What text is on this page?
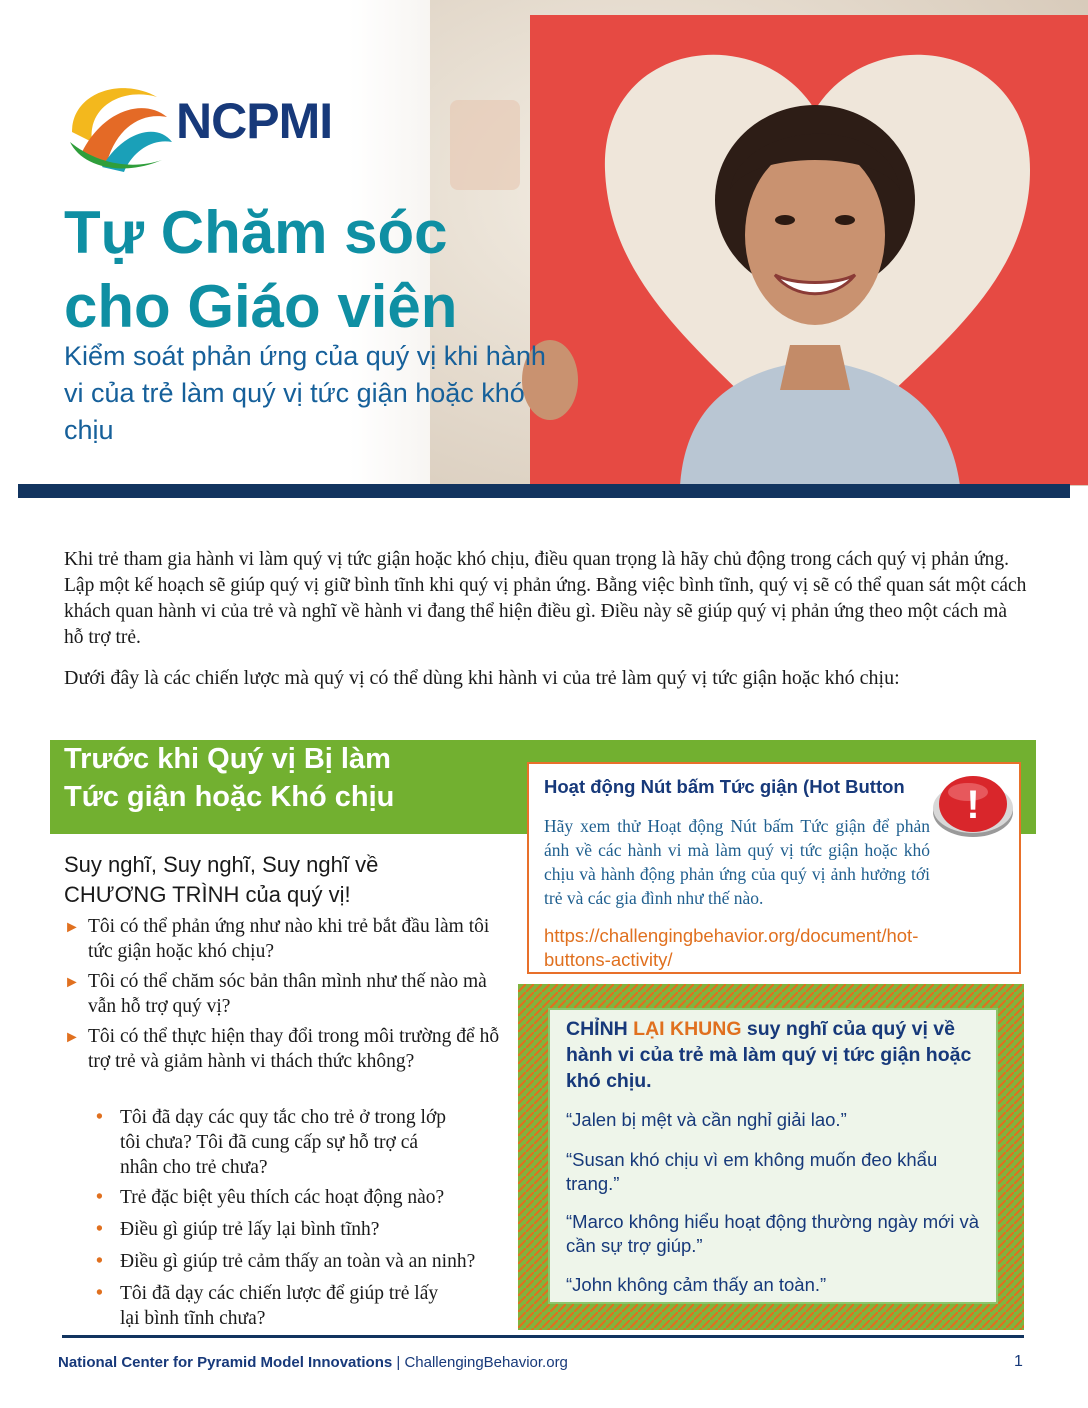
NCPMI
Tự Chăm sóc
cho Giáo viên

Kiểm soát phản ứng của quý vị khi hành vi của trẻ làm quý vị tức giận hoặc khó chịu

Khi trẻ tham gia hành vi làm quý vị tức giận hoặc khó chịu, điều quan trọng là hãy chủ động trong cách quý vị phản ứng. Lập một kế hoạch sẽ giúp quý vị giữ bình tĩnh khi quý vị phản ứng. Bằng việc bình tĩnh, quý vị sẽ có thể quan sát một cách khách quan hành vi của trẻ và nghĩ về hành vi đang thể hiện điều gì. Điều này sẽ giúp quý vị phản ứng theo một cách mà hỗ trợ trẻ.

Dưới đây là các chiến lược mà quý vị có thể dùng khi hành vi của trẻ làm quý vị tức giận hoặc khó chịu:

Trước khi Quý vị Bị làm
Tức giận hoặc Khó chịu

Suy nghĩ, Suy nghĩ, Suy nghĩ về CHƯƠNG TRÌNH của quý vị!

► Tôi có thể phản ứng như nào khi trẻ bắt đầu làm tôi tức giận hoặc khó chịu?
► Tôi có thể chăm sóc bản thân mình như thế nào mà vẫn hỗ trợ quý vị?
► Tôi có thể thực hiện thay đổi trong môi trường để hỗ trợ trẻ và giảm hành vi thách thức không?
• Tôi đã dạy các quy tắc cho trẻ ở trong lớp tôi chưa? Tôi đã cung cấp sự hỗ trợ cá nhân cho trẻ chưa?
• Trẻ đặc biệt yêu thích các hoạt động nào?
• Điều gì giúp trẻ lấy lại bình tĩnh?
• Điều gì giúp trẻ cảm thấy an toàn và an ninh?
• Tôi đã dạy các chiến lược để giúp trẻ lấy lại bình tĩnh chưa?

Hoạt động Nút bấm Tức giận (Hot Button

Hãy xem thử Hoạt động Nút bấm Tức giận để phản ánh về các hành vi mà làm quý vị tức giận hoặc khó chịu và hành động phản ứng của quý vị ảnh hưởng tới trẻ và các gia đình như thế nào.

https://challengingbehavior.org/document/hot-buttons-activity/

!

CHỈNH LẠI KHUNG suy nghĩ của quý vị về hành vi của trẻ mà làm quý vị tức giận hoặc khó chịu.

“Jalen bị mệt và cần nghỉ giải lao.”

“Susan khó chịu vì em không muốn đeo khẩu trang.”

“Marco không hiểu hoạt động thường ngày mới và cần sự trợ giúp.”

“John không cảm thấy an toàn.”

National Center for Pyramid Model Innovations | ChallengingBehavior.org	1
